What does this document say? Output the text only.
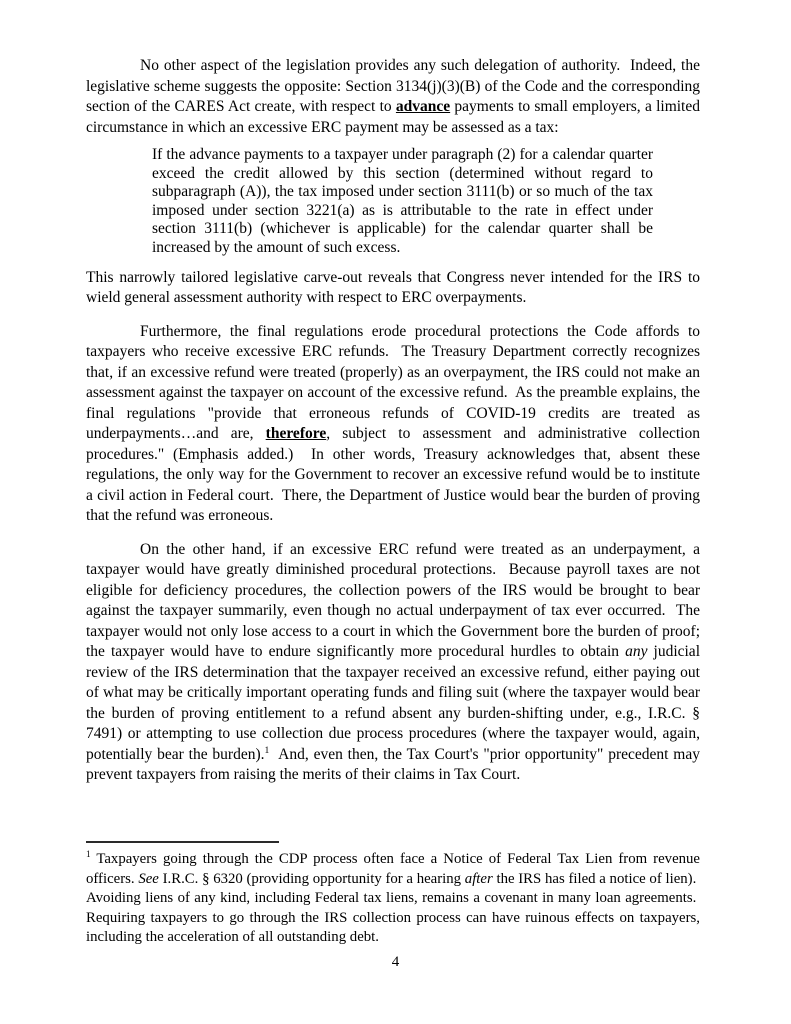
No other aspect of the legislation provides any such delegation of authority.  Indeed, the legislative scheme suggests the opposite: Section 3134(j)(3)(B) of the Code and the corresponding section of the CARES Act create, with respect to advance payments to small employers, a limited circumstance in which an excessive ERC payment may be assessed as a tax:

If the advance payments to a taxpayer under paragraph (2) for a calendar quarter exceed the credit allowed by this section (determined without regard to subparagraph (A)), the tax imposed under section 3111(b) or so much of the tax imposed under section 3221(a) as is attributable to the rate in effect under section 3111(b) (whichever is applicable) for the calendar quarter shall be increased by the amount of such excess.

This narrowly tailored legislative carve-out reveals that Congress never intended for the IRS to wield general assessment authority with respect to ERC overpayments.

Furthermore, the final regulations erode procedural protections the Code affords to taxpayers who receive excessive ERC refunds.  The Treasury Department correctly recognizes that, if an excessive refund were treated (properly) as an overpayment, the IRS could not make an assessment against the taxpayer on account of the excessive refund.  As the preamble explains, the final regulations "provide that erroneous refunds of COVID-19 credits are treated as underpayments…and are, therefore, subject to assessment and administrative collection procedures." (Emphasis added.)  In other words, Treasury acknowledges that, absent these regulations, the only way for the Government to recover an excessive refund would be to institute a civil action in Federal court.  There, the Department of Justice would bear the burden of proving that the refund was erroneous.

On the other hand, if an excessive ERC refund were treated as an underpayment, a taxpayer would have greatly diminished procedural protections.  Because payroll taxes are not eligible for deficiency procedures, the collection powers of the IRS would be brought to bear against the taxpayer summarily, even though no actual underpayment of tax ever occurred.  The taxpayer would not only lose access to a court in which the Government bore the burden of proof; the taxpayer would have to endure significantly more procedural hurdles to obtain any judicial review of the IRS determination that the taxpayer received an excessive refund, either paying out of what may be critically important operating funds and filing suit (where the taxpayer would bear the burden of proving entitlement to a refund absent any burden-shifting under, e.g., I.R.C. § 7491) or attempting to use collection due process procedures (where the taxpayer would, again, potentially bear the burden).$^1$  And, even then, the Tax Court's "prior opportunity" precedent may prevent taxpayers from raising the merits of their claims in Tax Court.

$^1$ Taxpayers going through the CDP process often face a Notice of Federal Tax Lien from revenue officers. See I.R.C. § 6320 (providing opportunity for a hearing after the IRS has filed a notice of lien).  Avoiding liens of any kind, including Federal tax liens, remains a covenant in many loan agreements.  Requiring taxpayers to go through the IRS collection process can have ruinous effects on taxpayers, including the acceleration of all outstanding debt.

4
